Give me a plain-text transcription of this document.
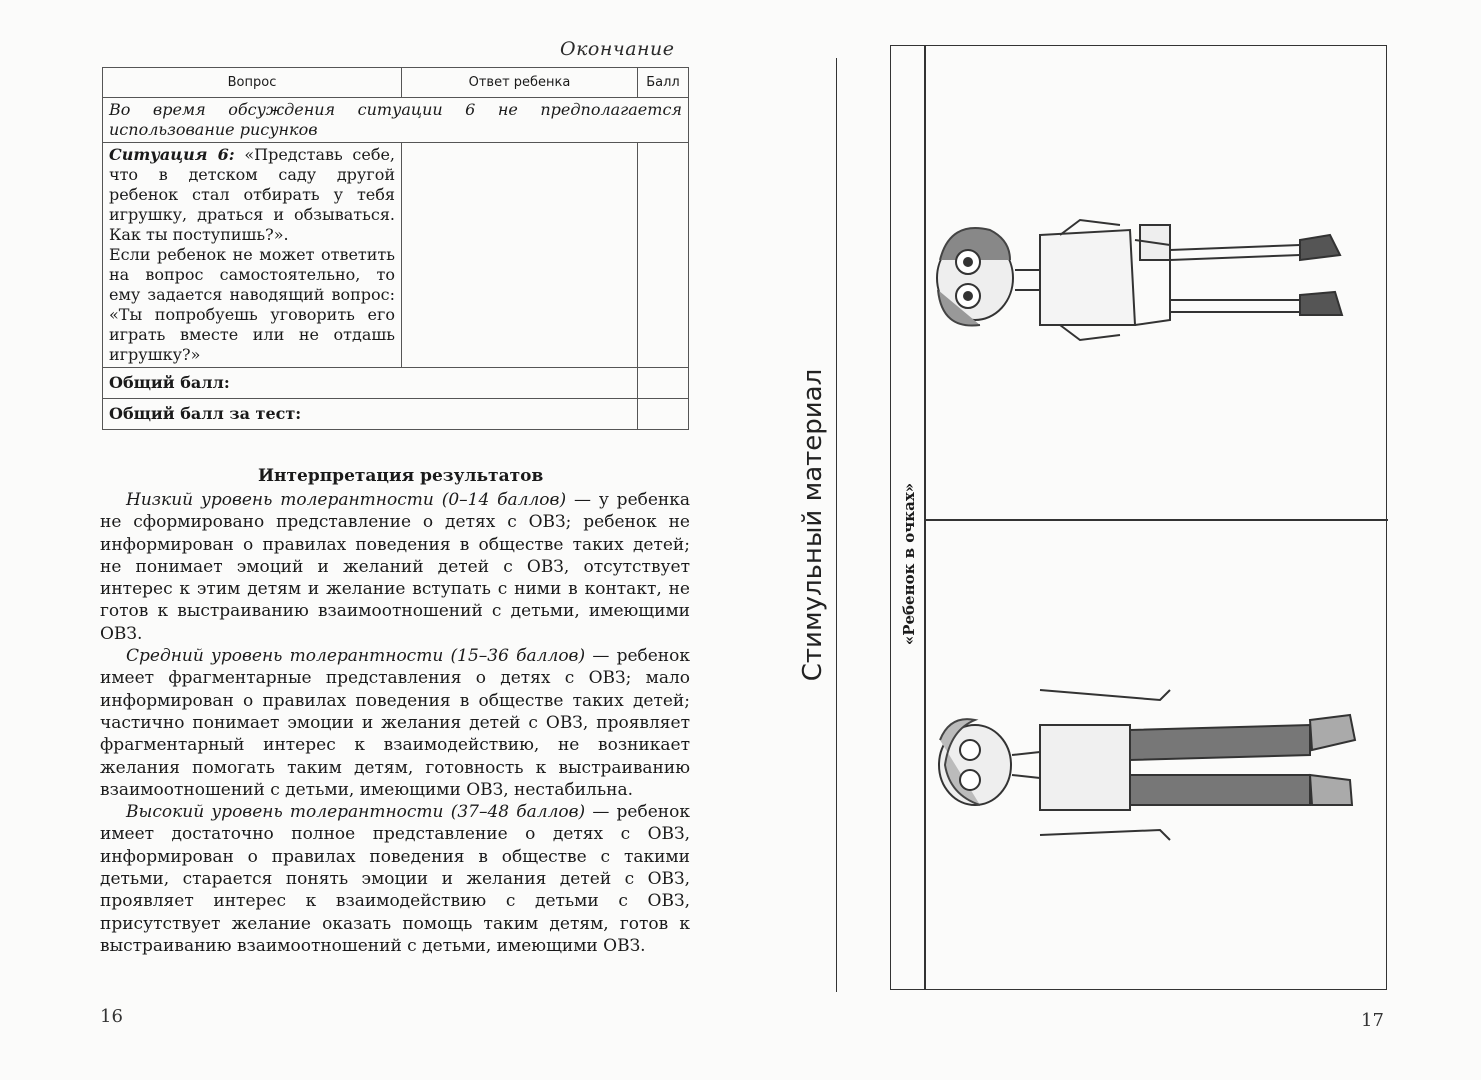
Окончание
Вопрос	Ответ ребенка	Балл
Во время обсуждения ситуации 6 не предполагается использование рисунков		

Ситуация 6: «Представь себе, что в детском саду другой ребенок стал отбирать у тебя игрушку, драться и обзываться. Как ты поступишь?».

Если ребенок не может ответить на вопрос самостоятельно, то ему задается наводящий вопрос: «Ты попробуешь уговорить его играть вместе или не отдашь игрушку?»		

Общий балл:		
Общий балл за тест:		
Интерпретация результатов

Низкий уровень толерантности (0–14 баллов) — у ребенка не сформировано представление о детях с ОВЗ; ребенок не информирован о правилах поведения в обществе таких детей; не понимает эмоций и желаний детей с ОВЗ, отсутствует интерес к этим детям и желание вступать с ними в контакт, не готов к выстраиванию взаимоотношений с детьми, имеющими ОВЗ.

Средний уровень толерантности (15–36 баллов) — ребенок имеет фрагментарные представления о детях с ОВЗ; мало информирован о правилах поведения в обществе таких детей; частично понимает эмоции и желания детей с ОВЗ, проявляет фрагментарный интерес к взаимодействию, не возникает желания помогать таким детям, готовность к выстраиванию взаимоотношений с детьми, имеющими ОВЗ, нестабильна.

Высокий уровень толерантности (37–48 баллов) — ребенок имеет достаточно полное представление о детях с ОВЗ, информирован о правилах поведения в обществе с такими детьми, старается понять эмоции и желания детей с ОВЗ, проявляет интерес к взаимодействию с детьми с ОВЗ, присутствует желание оказать помощь таким детям, готов к выстраиванию взаимоотношений с детьми, имеющими ОВЗ.

16
Стимульный материал	«Ребенок в очках»
17
